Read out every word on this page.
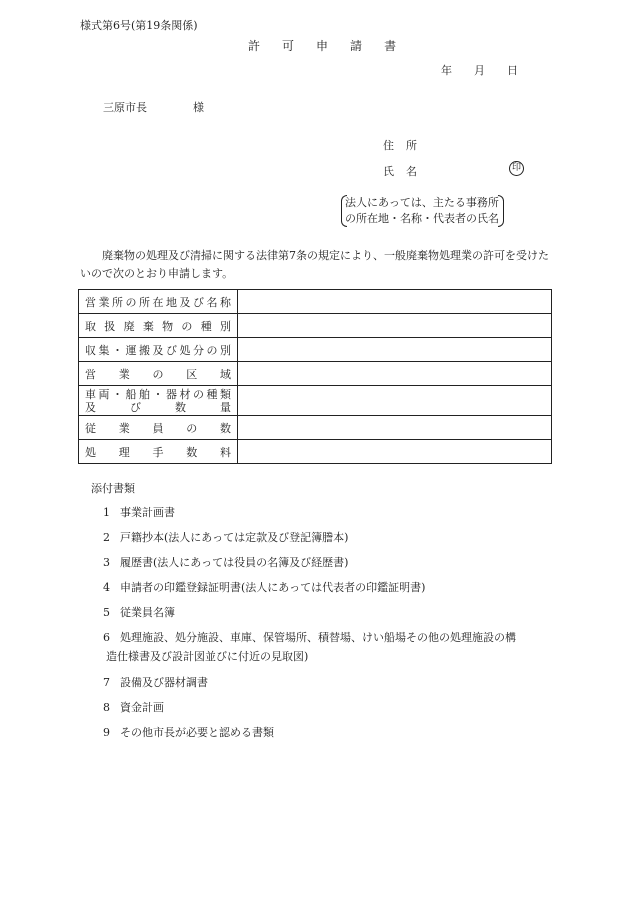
様式第6号(第19条関係)
許 可 申 請 書
年 月 日
三原市長	様
住 所
氏 名	印
法人にあっては、主たる事務所
の所在地・名称・代表者の氏名
廃棄物の処理及び清掃に関する法律第7条の規定により、一般廃棄物処理業の許可を受けたいので次のとおり申請します。
営業所の所在地及び名称	
取扱廃棄物の種別	
収集・運搬及び処分の別	
営業の区域	

車両・船舶・器材の種類
及び数量	

従業員の数	
処理手数料	
添付書類
1 事業計画書
2 戸籍抄本(法人にあっては定款及び登記簿謄本)
3 履歴書(法人にあっては役員の名簿及び経歴書)
4 申請者の印鑑登録証明書(法人にあっては代表者の印鑑証明書)
5 従業員名簿
6 処理施設、処分施設、車庫、保管場所、積替場、けい船場その他の処理施設の構
造仕様書及び設計図並びに付近の見取図)
7 設備及び器材調書
8 資金計画
9 その他市長が必要と認める書類
